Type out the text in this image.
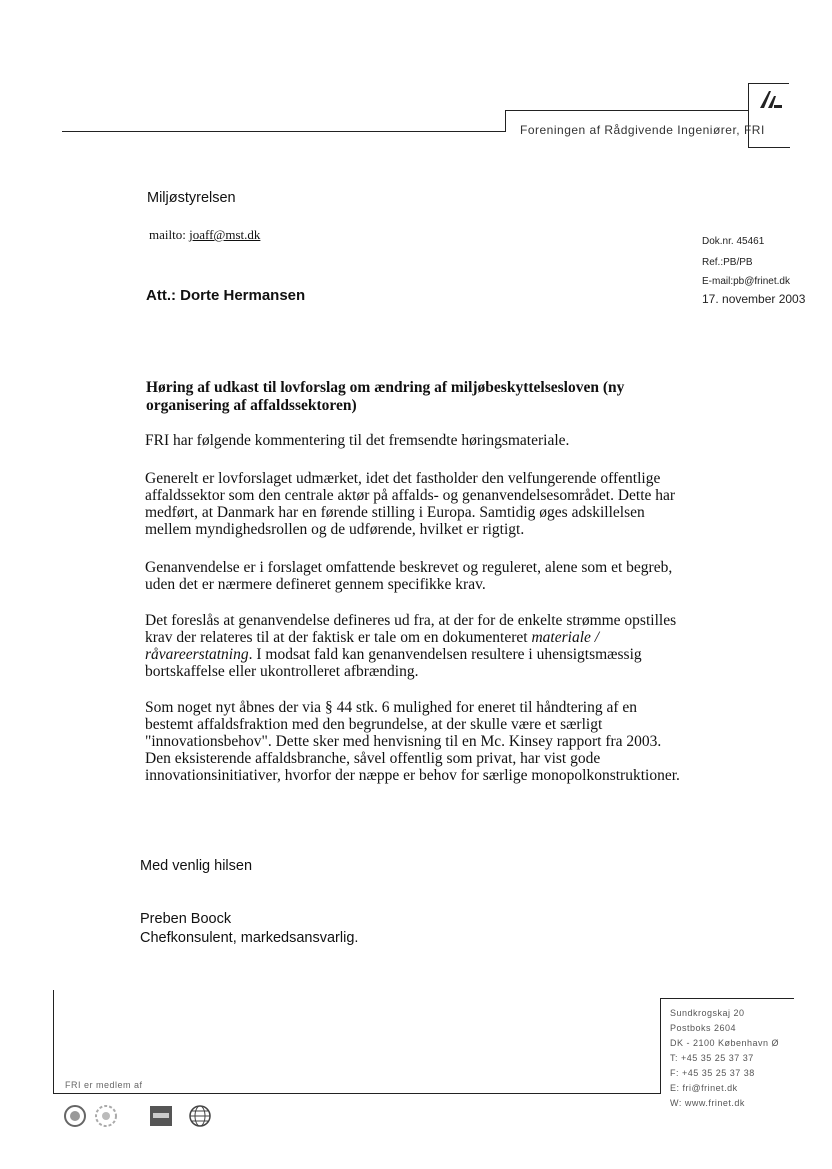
Foreningen af Rådgivende Ingeniører, FRI
Miljøstyrelsen
mailto: joaff@mst.dk
Att.: Dorte Hermansen
Dok.nr. 45461
Ref.:PB/PB
E-mail:pb@frinet.dk
17. november 2003
Høring af udkast til lovforslag om ændring af miljøbeskyttelsesloven (ny organisering af affaldssektoren)
FRI har følgende kommentering til det fremsendte høringsmateriale.
Generelt er lovforslaget udmærket, idet det fastholder den velfungerende offentlige affaldssektor som den centrale aktør på affalds- og genanvendelsesområdet. Dette har medført, at Danmark har en førende stilling i Europa. Samtidig øges adskillelsen mellem myndighedsrollen og de udførende, hvilket er rigtigt.
Genanvendelse er i forslaget omfattende beskrevet og reguleret, alene som et begreb, uden det er nærmere defineret gennem specifikke krav.
Det foreslås at genanvendelse defineres ud fra, at der for de enkelte strømme opstilles krav der relateres til at der faktisk er tale om en dokumenteret materiale / råvareerstatning. I modsat fald kan genanvendelsen resultere i uhensigtsmæssig bortskaffelse eller ukontrolleret afbrænding.
Som noget nyt åbnes der via § 44 stk. 6 mulighed for eneret til håndtering af en bestemt affaldsfraktion med den begrundelse, at der skulle være et særligt "innovationsbehov". Dette sker med henvisning til en Mc. Kinsey rapport fra 2003. Den eksisterende affaldsbranche, såvel offentlig som privat, har vist gode innovationsinitiativer, hvorfor der næppe er behov for særlige monopolkonstruktioner.
Med venlig hilsen
Preben Boock
Chefkonsulent, markedsansvarlig.
Sundkrogskaj 20
Postboks 2604
DK - 2100 København Ø
T: +45 35 25 37 37
F: +45 35 25 37 38
E: fri@frinet.dk
W: www.frinet.dk
FRI er medlem af
